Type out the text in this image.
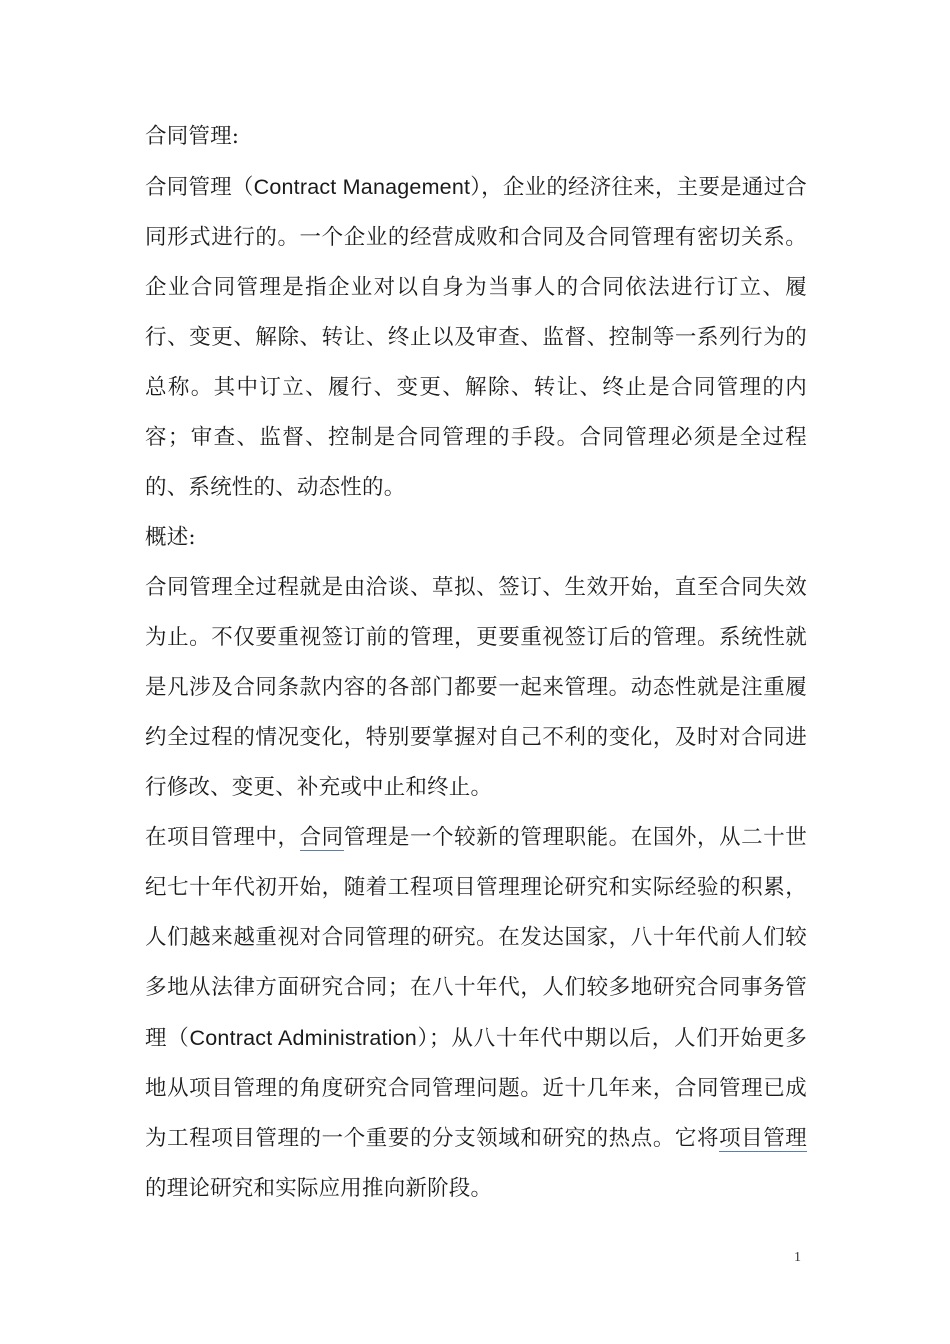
合同管理:

合同管理（Contract Management），企业的经济往来，主要是通过合同形式进行的。一个企业的经营成败和合同及合同管理有密切关系。企业合同管理是指企业对以自身为当事人的合同依法进行订立、履行、变更、解除、转让、终止以及审查、监督、控制等一系列行为的总称。其中订立、履行、变更、解除、转让、终止是合同管理的内容；审查、监督、控制是合同管理的手段。合同管理必须是全过程的、系统性的、动态性的。

概述:

合同管理全过程就是由洽谈、草拟、签订、生效开始，直至合同失效为止。不仅要重视签订前的管理，更要重视签订后的管理。系统性就是凡涉及合同条款内容的各部门都要一起来管理。动态性就是注重履约全过程的情况变化，特别要掌握对自己不利的变化，及时对合同进行修改、变更、补充或中止和终止。

在项目管理中，合同管理是一个较新的管理职能。在国外，从二十世纪七十年代初开始，随着工程项目管理理论研究和实际经验的积累，人们越来越重视对合同管理的研究。在发达国家，八十年代前人们较多地从法律方面研究合同；在八十年代，人们较多地研究合同事务管理（Contract Administration）；从八十年代中期以后，人们开始更多地从项目管理的角度研究合同管理问题。近十几年来，合同管理已成为工程项目管理的一个重要的分支领域和研究的热点。它将项目管理的理论研究和实际应用推向新阶段。

1
